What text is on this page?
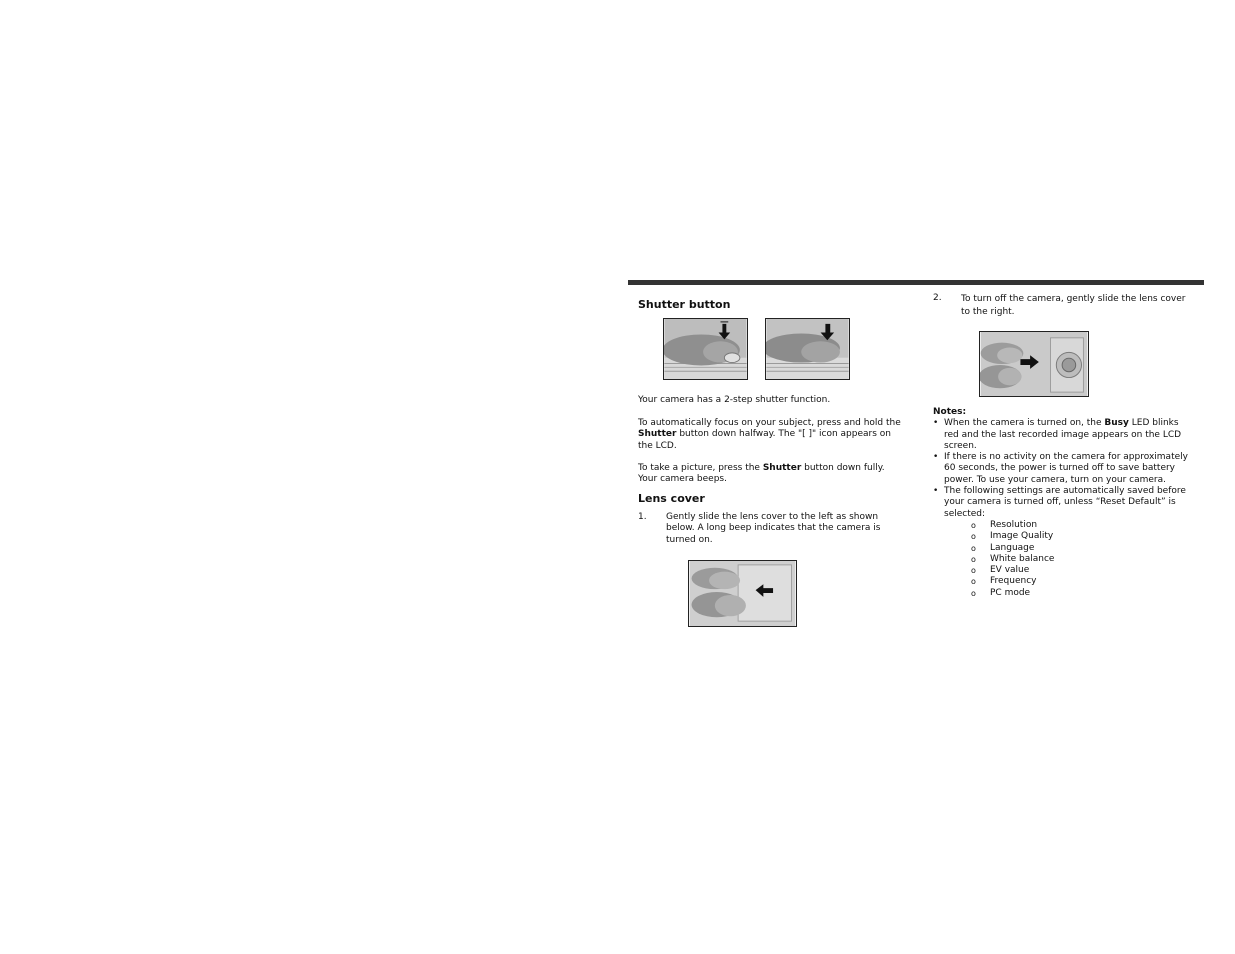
Shutter button

Your camera has a 2-step shutter function.

To automatically focus on your subject, press and hold the Shutter button down halfway. The "[ ]" icon appears on the LCD.

To take a picture, press the Shutter button down fully. Your camera beeps.

Lens cover
1. Gently slide the lens cover to the left as shown below. A long beep indicates that the camera is turned on.
2. To turn off the camera, gently slide the lens cover to the right.
Notes:
• When the camera is turned on, the Busy LED blinks red and the last recorded image appears on the LCD screen.
• If there is no activity on the camera for approximately 60 seconds, the power is turned off to save battery power. To use your camera, turn on your camera.
• The following settings are automatically saved before your camera is turned off, unless “Reset Default” is selected:
o Resolution
o Image Quality
o Language
o White balance
o EV value
o Frequency
o PC mode
